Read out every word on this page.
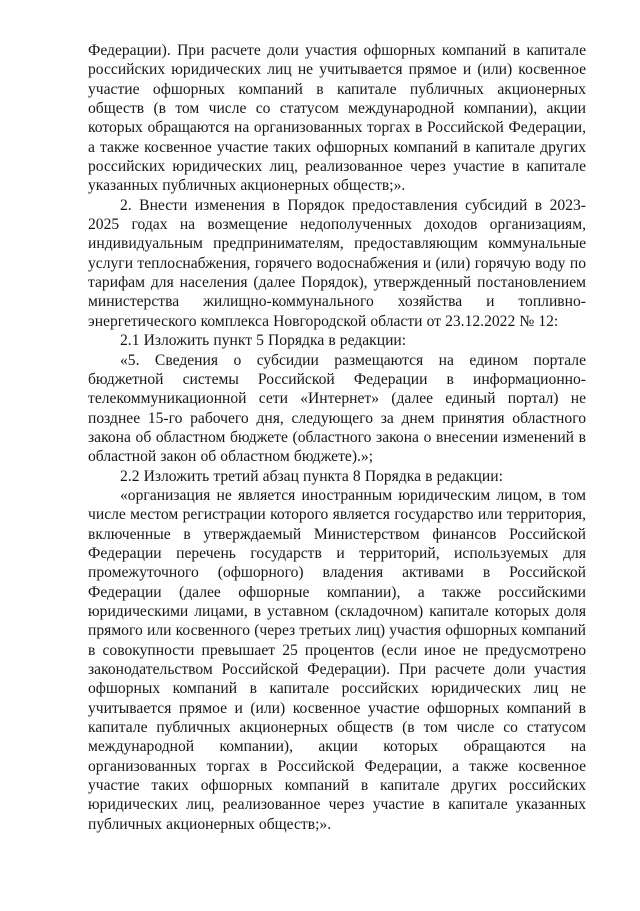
Федерации). При расчете доли участия офшорных компаний в капитале российских юридических лиц не учитывается прямое и (или) косвенное участие офшорных компаний в капитале публичных акционерных обществ (в том числе со статусом международной компании), акции которых обращаются на организованных торгах в Российской Федерации, а также косвенное участие таких офшорных компаний в капитале других российских юридических лиц, реализованное через участие в капитале указанных публичных акционерных обществ;».

2. Внести изменения в Порядок предоставления субсидий в 2023-2025 годах на возмещение недополученных доходов организациям, индивидуальным предпринимателям, предоставляющим коммунальные услуги теплоснабжения, горячего водоснабжения и (или) горячую воду по тарифам для населения (далее Порядок), утвержденный постановлением министерства жилищно-коммунального хозяйства и топливно-энергетического комплекса Новгородской области от 23.12.2022 № 12:

2.1 Изложить пункт 5 Порядка в редакции:

«5. Сведения о субсидии размещаются на едином портале бюджетной системы Российской Федерации в информационно-телекоммуникационной сети «Интернет» (далее единый портал) не позднее 15-го рабочего дня, следующего за днем принятия областного закона об областном бюджете (областного закона о внесении изменений в областной закон об областном бюджете).»;

2.2 Изложить третий абзац пункта 8 Порядка в редакции:

«организация не является иностранным юридическим лицом, в том числе местом регистрации которого является государство или территория, включенные в утверждаемый Министерством финансов Российской Федерации перечень государств и территорий, используемых для промежуточного (офшорного) владения активами в Российской Федерации (далее офшорные компании), а также российскими юридическими лицами, в уставном (складочном) капитале которых доля прямого или косвенного (через третьих лиц) участия офшорных компаний в совокупности превышает 25 процентов (если иное не предусмотрено законодательством Российской Федерации). При расчете доли участия офшорных компаний в капитале российских юридических лиц не учитывается прямое и (или) косвенное участие офшорных компаний в капитале публичных акционерных обществ (в том числе со статусом международной компании), акции которых обращаются на организованных торгах в Российской Федерации, а также косвенное участие таких офшорных компаний в капитале других российских юридических лиц, реализованное через участие в капитале указанных публичных акционерных обществ;».
